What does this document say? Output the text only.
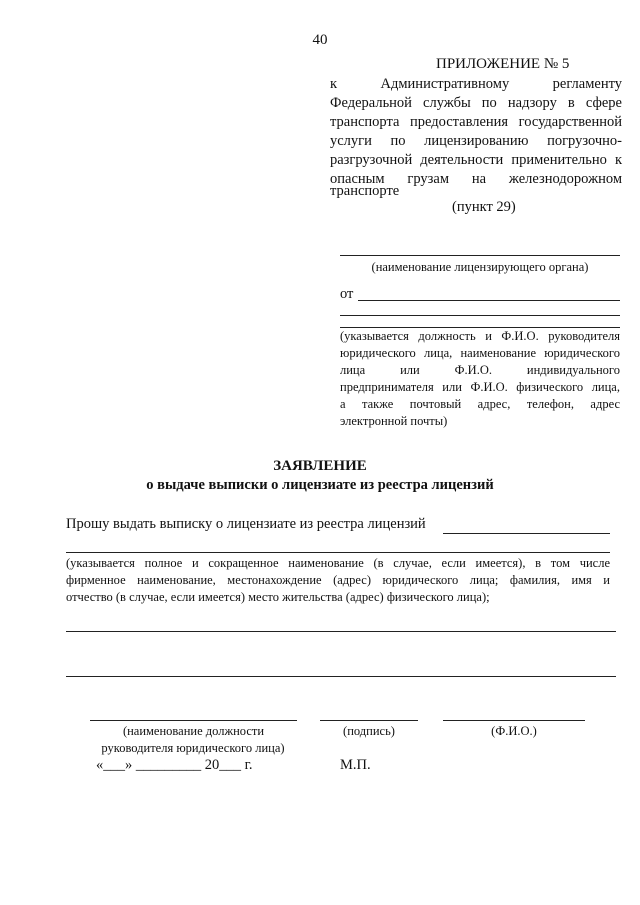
40
ПРИЛОЖЕНИЕ № 5
к Административному регламенту
Федеральной службы по надзору в сфере
транспорта предоставления государственной
услуги по лицензированию погрузочно-
разгрузочной деятельности применительно к
опасным грузам на железнодорожном
транспорте
(пункт 29)
(наименование лицензирующего органа)
от
(указывается должность и Ф.И.О. руководителя
юридического лица, наименование юридического
лица или Ф.И.О. индивидуального
предпринимателя или Ф.И.О. физического лица,
а также почтовый адрес, телефон, адрес
электронной почты)
ЗАЯВЛЕНИЕ
о выдаче выписки о лицензиате из реестра лицензий
Прошу выдать выписку о лицензиате из реестра лицензий
(указывается полное и сокращенное наименование (в случае, если имеется), в том числе
фирменное наименование, местонахождение (адрес) юридического лица; фамилия, имя и
отчество (в случае, если имеется) место жительства (адрес) физического лица);
(наименование должности
руководителя юридического лица)
(подпись)	(Ф.И.О.)
«___» _________ 20___ г.	М.П.
